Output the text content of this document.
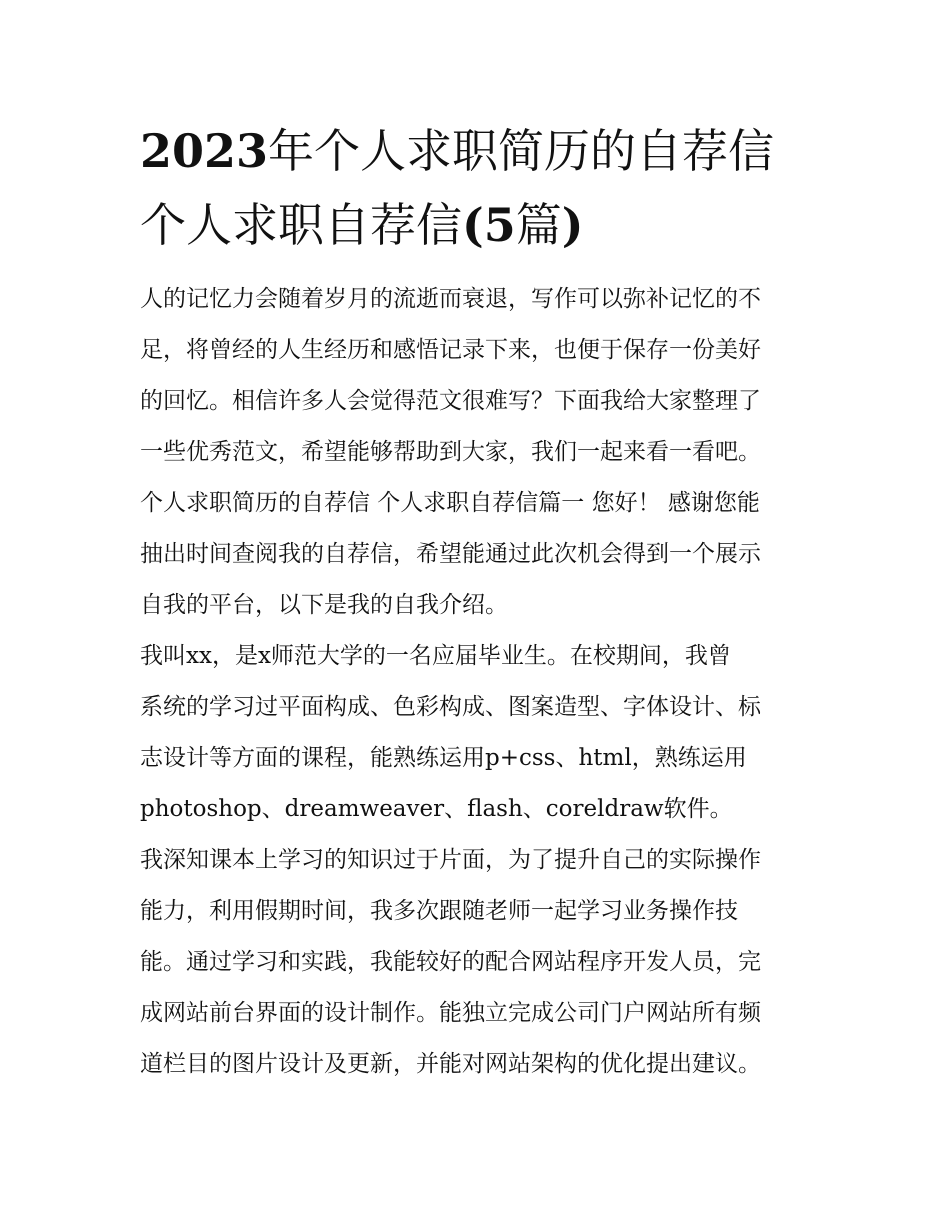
2023年个人求职简历的自荐信
个人求职自荐信(5篇)

人的记忆力会随着岁月的流逝而衰退，写作可以弥补记忆的不
足，将曾经的人生经历和感悟记录下来，也便于保存一份美好
的回忆。相信许多人会觉得范文很难写？下面我给大家整理了
一些优秀范文，希望能够帮助到大家，我们一起来看一看吧。
个人求职简历的自荐信 个人求职自荐信篇一 您好！ 感谢您能
抽出时间查阅我的自荐信，希望能通过此次机会得到一个展示
自我的平台，以下是我的自我介绍。

我叫xx，是x师范大学的一名应届毕业生。在校期间，我曾
系统的学习过平面构成、色彩构成、图案造型、字体设计、标
志设计等方面的课程，能熟练运用p+css、html，熟练运用
photoshop、dreamweaver、flash、coreldraw软件。

我深知课本上学习的知识过于片面，为了提升自己的实际操作
能力，利用假期时间，我多次跟随老师一起学习业务操作技
能。通过学习和实践，我能较好的配合网站程序开发人员，完
成网站前台界面的设计制作。能独立完成公司门户网站所有频
道栏目的图片设计及更新，并能对网站架构的优化提出建议。
